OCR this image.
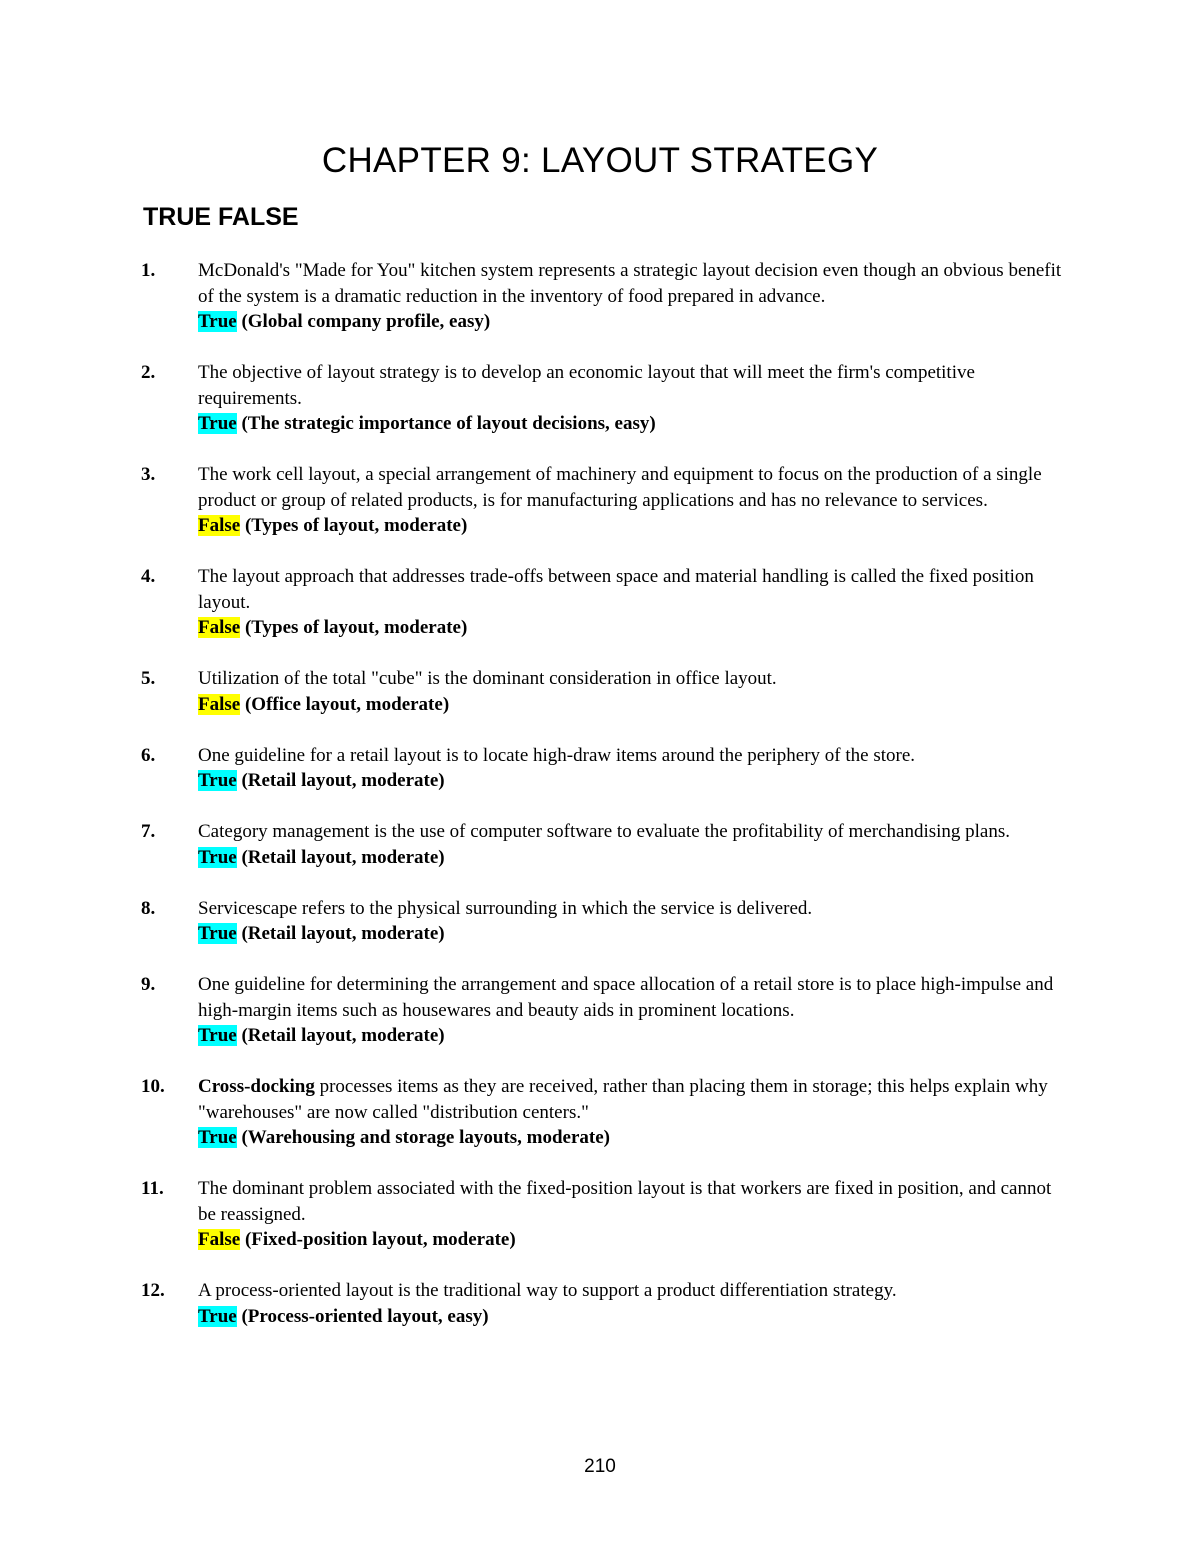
CHAPTER 9: LAYOUT STRATEGY
TRUE FALSE
1. McDonald's "Made for You" kitchen system represents a strategic layout decision even though an obvious benefit of the system is a dramatic reduction in the inventory of food prepared in advance.
True (Global company profile, easy)
2. The objective of layout strategy is to develop an economic layout that will meet the firm's competitive requirements.
True (The strategic importance of layout decisions, easy)
3. The work cell layout, a special arrangement of machinery and equipment to focus on the production of a single product or group of related products, is for manufacturing applications and has no relevance to services.
False (Types of layout, moderate)
4. The layout approach that addresses trade-offs between space and material handling is called the fixed position layout.
False (Types of layout, moderate)
5. Utilization of the total "cube" is the dominant consideration in office layout.
False (Office layout, moderate)
6. One guideline for a retail layout is to locate high-draw items around the periphery of the store.
True (Retail layout, moderate)
7. Category management is the use of computer software to evaluate the profitability of merchandising plans.
True (Retail layout, moderate)
8. Servicescape refers to the physical surrounding in which the service is delivered.
True (Retail layout, moderate)
9. One guideline for determining the arrangement and space allocation of a retail store is to place high-impulse and high-margin items such as housewares and beauty aids in prominent locations.
True (Retail layout, moderate)
10. Cross-docking processes items as they are received, rather than placing them in storage; this helps explain why "warehouses" are now called "distribution centers."
True (Warehousing and storage layouts, moderate)
11. The dominant problem associated with the fixed-position layout is that workers are fixed in position, and cannot be reassigned.
False (Fixed-position layout, moderate)
12. A process-oriented layout is the traditional way to support a product differentiation strategy.
True (Process-oriented layout, easy)
210
